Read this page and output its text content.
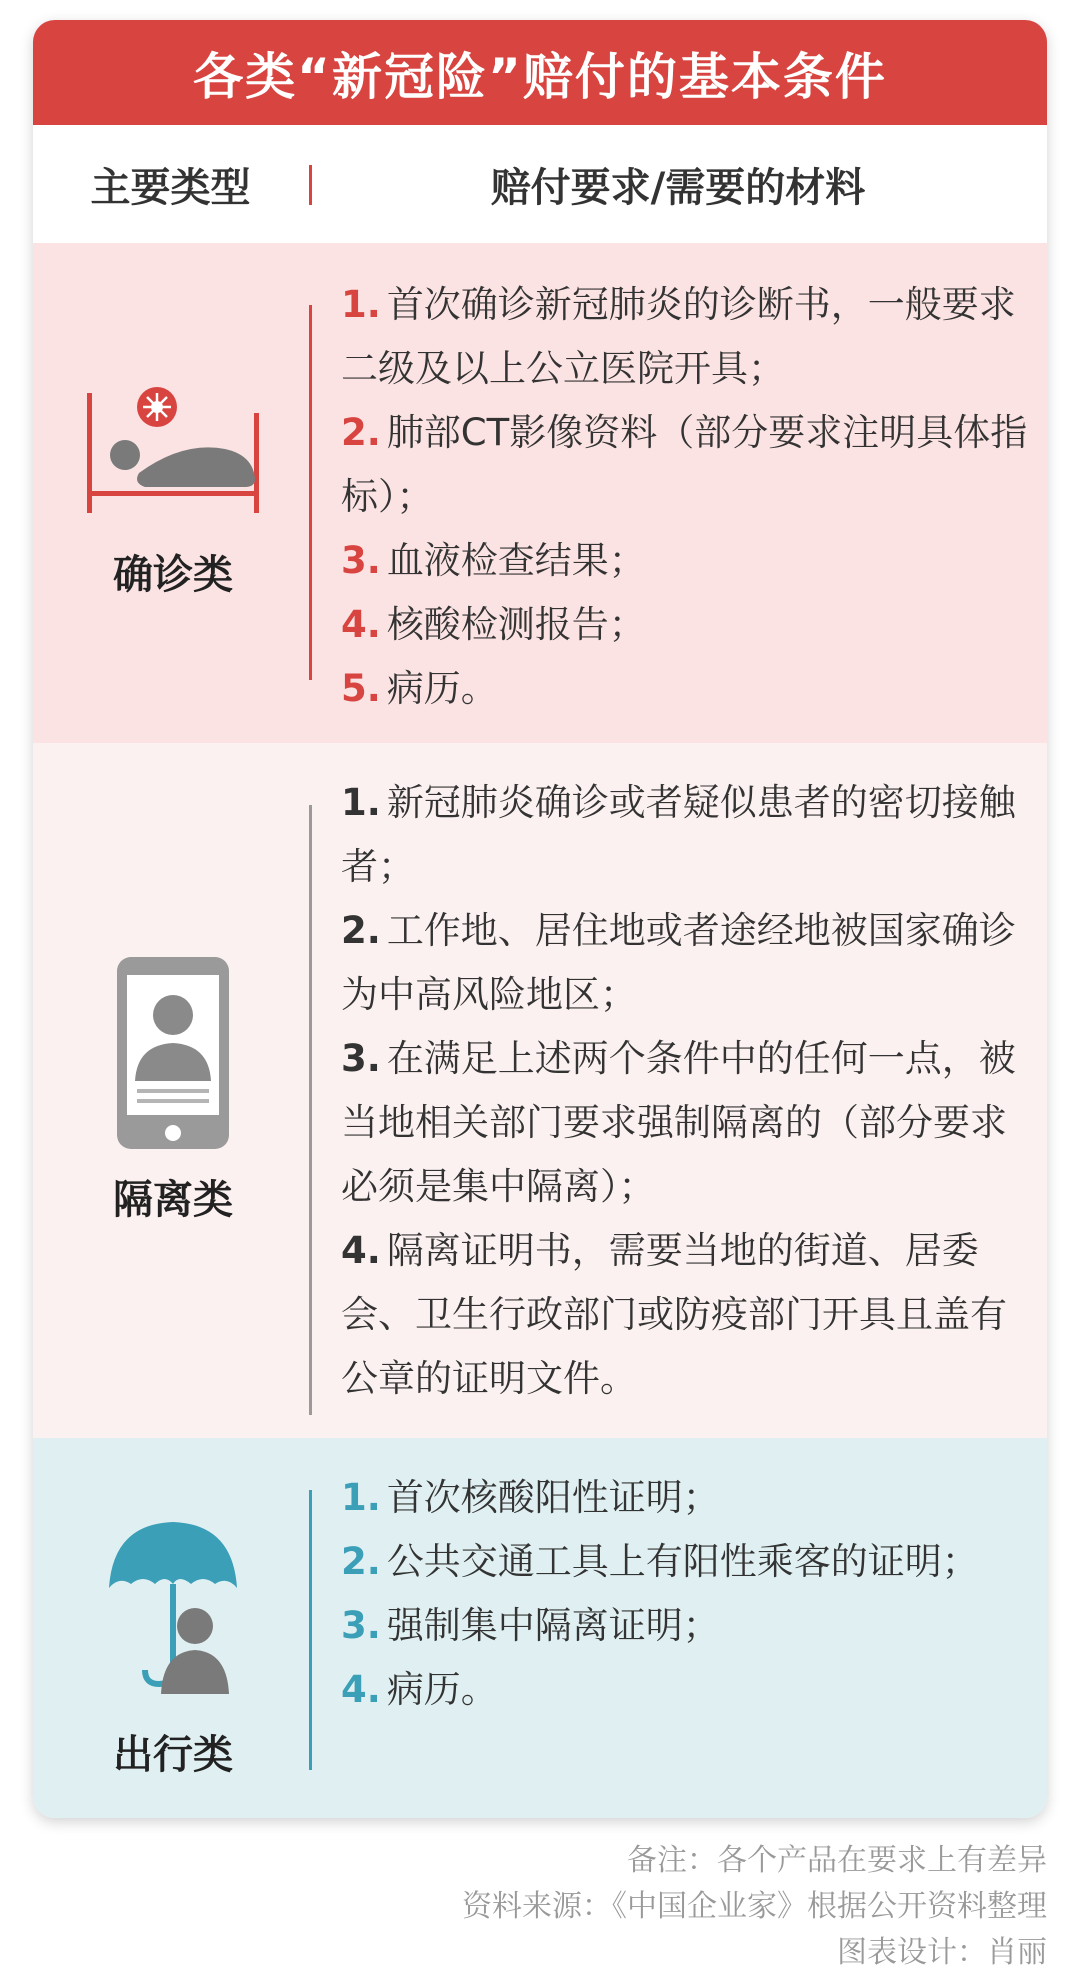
各类“新冠险”赔付的基本条件
主要类型	赔付要求/需要的材料
确诊类
1. 首次确诊新冠肺炎的诊断书，一般要求二级及以上公立医院开具；
2. 肺部CT影像资料（部分要求注明具体指标）；
3. 血液检查结果；
4. 核酸检测报告；
5. 病历。
隔离类
1. 新冠肺炎确诊或者疑似患者的密切接触者；
2. 工作地、居住地或者途经地被国家确诊为中高风险地区；
3. 在满足上述两个条件中的任何一点，被当地相关部门要求强制隔离的（部分要求必须是集中隔离）；
4. 隔离证明书，需要当地的街道、居委会、卫生行政部门或防疫部门开具且盖有公章的证明文件。
出行类
1. 首次核酸阳性证明；
2. 公共交通工具上有阳性乘客的证明；
3. 强制集中隔离证明；
4. 病历。
备注：各个产品在要求上有差异
资料来源：《中国企业家》根据公开资料整理
图表设计：肖丽
